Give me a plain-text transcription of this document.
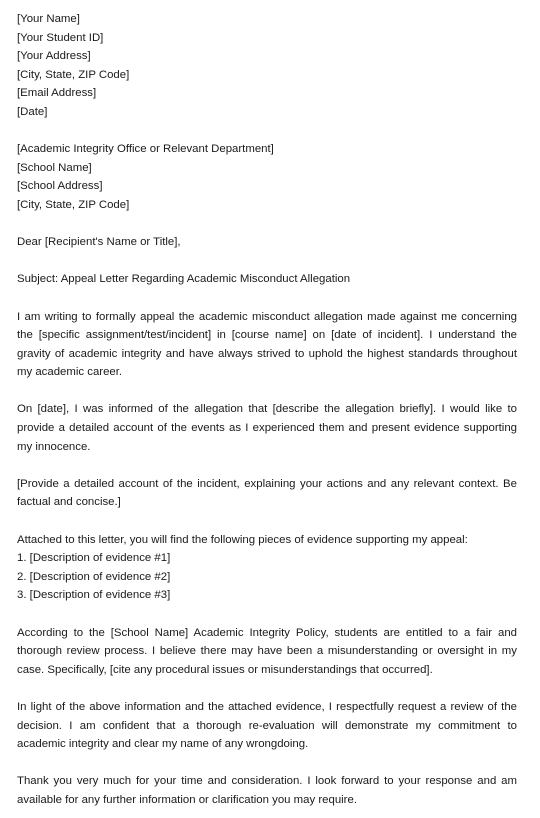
[Your Name]
[Your Student ID]
[Your Address]
[City, State, ZIP Code]
[Email Address]
[Date]
[Academic Integrity Office or Relevant Department]
[School Name]
[School Address]
[City, State, ZIP Code]

Dear [Recipient's Name or Title],

Subject: Appeal Letter Regarding Academic Misconduct Allegation

I am writing to formally appeal the academic misconduct allegation made against me concerning the [specific assignment/test/incident] in [course name] on [date of incident]. I understand the gravity of academic integrity and have always strived to uphold the highest standards throughout my academic career.

On [date], I was informed of the allegation that [describe the allegation briefly]. I would like to provide a detailed account of the events as I experienced them and present evidence supporting my innocence.

[Provide a detailed account of the incident, explaining your actions and any relevant context. Be factual and concise.]

Attached to this letter, you will find the following pieces of evidence supporting my appeal:

1. [Description of evidence #1]
2. [Description of evidence #2]
3. [Description of evidence #3]

According to the [School Name] Academic Integrity Policy, students are entitled to a fair and thorough review process. I believe there may have been a misunderstanding or oversight in my case. Specifically, [cite any procedural issues or misunderstandings that occurred].

In light of the above information and the attached evidence, I respectfully request a review of the decision. I am confident that a thorough re-evaluation will demonstrate my commitment to academic integrity and clear my name of any wrongdoing.

Thank you very much for your time and consideration. I look forward to your response and am available for any further information or clarification you may require.
